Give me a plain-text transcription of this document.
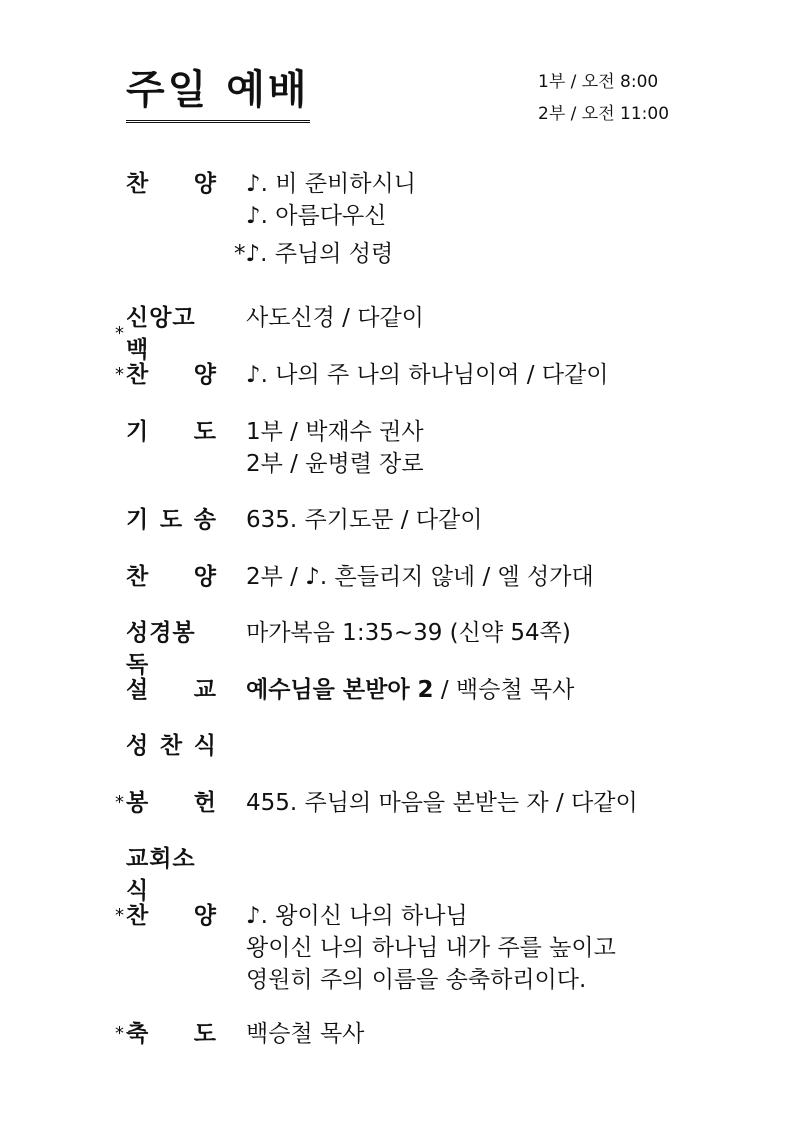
주일 예배	1부 / 오전 8:00
2부 / 오전 11:00
찬 양 ♪. 비 준비하시니
♪. 아름다우신
*♪. 주님의 성령
*
신앙고백
사도신경 / 다같이
* 찬 양 ♪. 나의 주 나의 하나님이여 / 다같이
기 도 1부 / 박재수 권사
2부 / 윤병렬 장로
기 도 송 635. 주기도문 / 다같이
찬 양 2부 / ♪. 흔들리지 않네 / 엘 성가대
성경봉독
마가복음 1:35~39 (신약 54쪽)
설 교 예수님을 본받아 2 / 백승철 목사
성 찬 식
* 봉 헌 455. 주님의 마음을 본받는 자 / 다같이
교회소식
* 찬 양 ♪. 왕이신 나의 하나님
왕이신 나의 하나님 내가 주를 높이고
영원히 주의 이름을 송축하리이다.
* 축 도 백승철 목사
